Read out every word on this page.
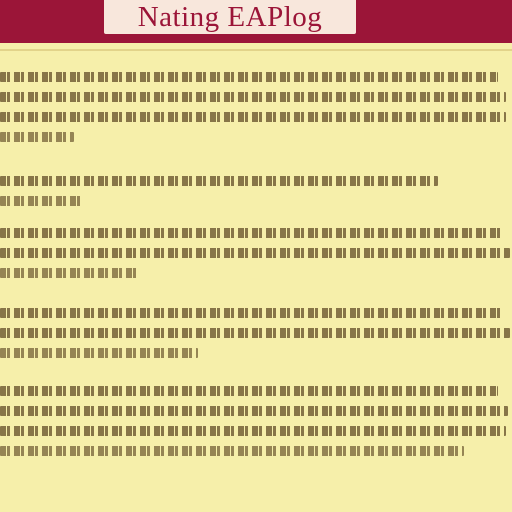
Nating EAPlog
